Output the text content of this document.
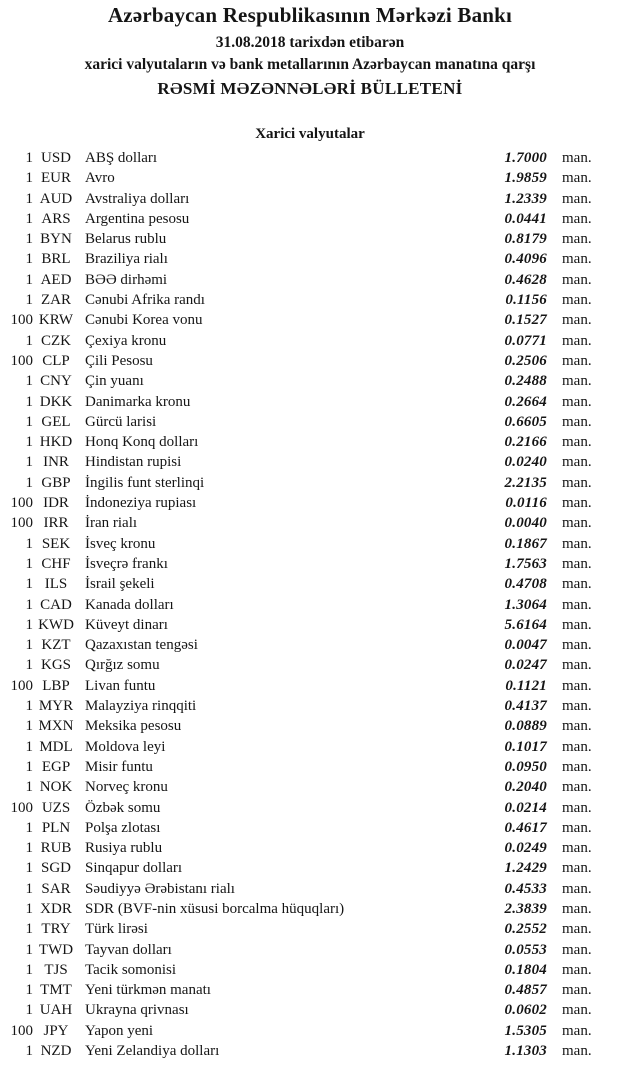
Azərbaycan Respublikasının Mərkəzi Bankı
31.08.2018 tarixdən etibarən
xarici valyutaların və bank metallarının Azərbaycan manatına qarşı
RƏSMİ MƏZƏNNƏLƏRİ BÜLLETENİ
Xarici valyutalar
1 USD ABŞ dolları	1.7000	man.
1 EUR Avro	1.9859	man.
1 AUD Avstraliya dolları	1.2339	man.
1 ARS Argentina pesosu	0.0441	man.
1 BYN Belarus rublu	0.8179	man.
1 BRL Braziliya rialı	0.4096	man.
1 AED BƏƏ dirhəmi	0.4628	man.
1 ZAR Cənubi Afrika randı	0.1156	man.
100 KRW Cənubi Korea vonu	0.1527	man.
1 CZK Çexiya kronu	0.0771	man.
100 CLP	Çili Pesosu	0.2506	man.
1 CNY Çin yuanı	0.2488	man.
1 DKK Danimarka kronu	0.2664	man.
1 GEL Gürcü larisi	0.6605	man.
1 HKD Honq Konq dolları	0.2166	man.
1 INR	Hindistan rupisi	0.0240	man.
1 GBP İngilis funt sterlinqi	2.2135	man.
100 IDR	İndoneziya rupiası	0.0116	man.
100 IRR	İran rialı	0.0040	man.
1 SEK İsveç kronu	0.1867	man.
1 CHF İsveçrə frankı	1.7563	man.
1 ILS	İsrail şekeli	0.4708	man.
1 CAD Kanada dolları	1.3064	man.
1 KWD Küveyt dinarı	5.6164	man.
1 KZT Qazaxıstan tengəsi	0.0047	man.
1 KGS Qırğız somu	0.0247	man.
100 LBP	Livan funtu	0.1121	man.
1 MYR Malayziya rinqqiti	0.4137	man.
1 MXN Meksika pesosu	0.0889	man.
1 MDL Moldova leyi	0.1017	man.
1 EGP Misir funtu	0.0950	man.
1 NOK Norveç kronu	0.2040	man.
100 UZS Özbək somu	0.0214	man.
1 PLN Polşa zlotası	0.4617	man.
1 RUB Rusiya rublu	0.0249	man.
1 SGD Sinqapur dolları	1.2429	man.
1 SAR Səudiyyə Ərəbistanı rialı	0.4533	man.
1 XDR SDR (BVF-nin xüsusi borcalma hüquqları)	2.3839	man.
1 TRY Türk lirəsi	0.2552	man.
1 TWD Tayvan dolları	0.0553	man.
1 TJS	Tacik somonisi	0.1804	man.
1 TMT Yeni türkmən manatı	0.4857	man.
1 UAH Ukrayna qrivnası	0.0602	man.
100 JPY	Yapon yeni	1.5305	man.
1 NZD Yeni Zelandiya dolları	1.1303	man.
